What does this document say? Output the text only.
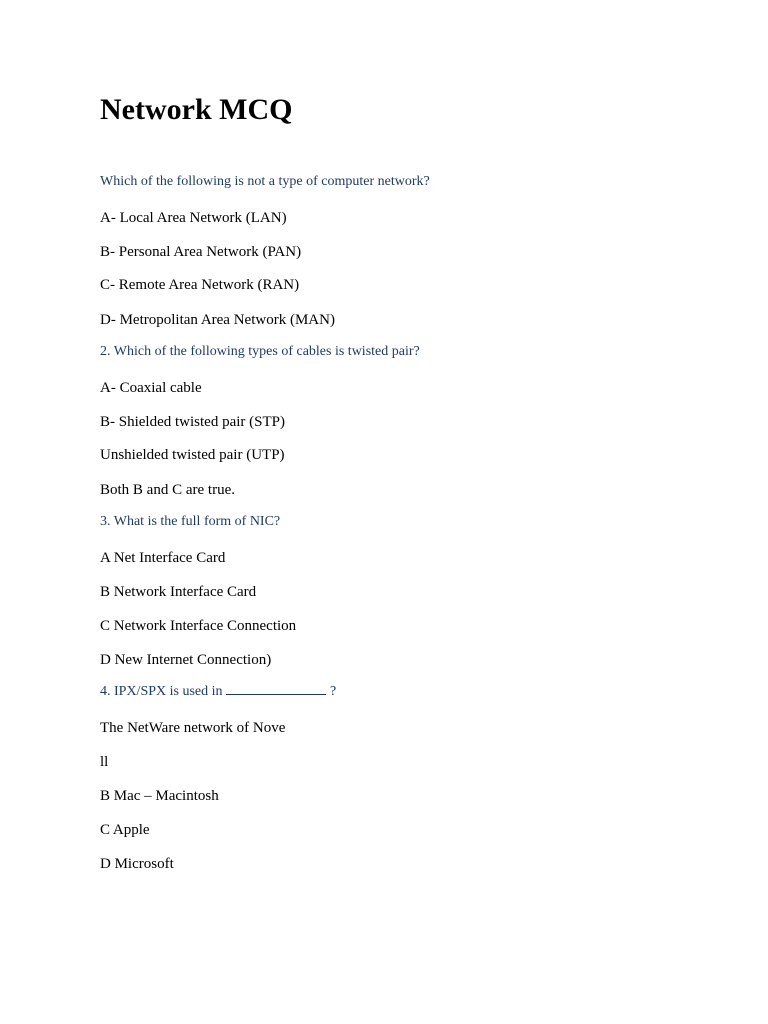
Network MCQ

Which of the following is not a type of computer network?

A- Local Area Network (LAN)

B- Personal Area Network (PAN)

C- Remote Area Network (RAN)

D- Metropolitan Area Network (MAN)

2. Which of the following types of cables is twisted pair?

A- Coaxial cable

B- Shielded twisted pair (STP)

Unshielded twisted pair (UTP)

Both B and C are true.

3. What is the full form of NIC?

A Net Interface Card

B Network Interface Card

C Network Interface Connection

D New Internet Connection)

4. IPX/SPX is used in	?

The NetWare network of Nove

ll

B Mac – Macintosh

C Apple

D Microsoft
